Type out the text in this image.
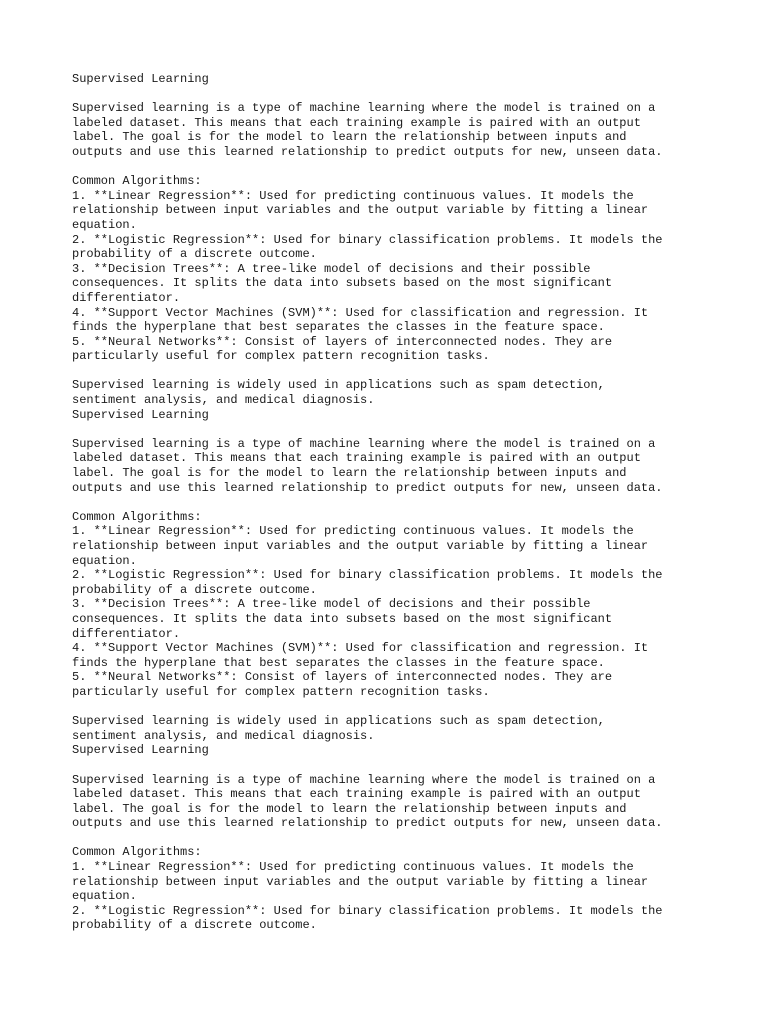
Supervised Learning

Supervised learning is a type of machine learning where the model is trained on a
labeled dataset. This means that each training example is paired with an output
label. The goal is for the model to learn the relationship between inputs and
outputs and use this learned relationship to predict outputs for new, unseen data.

Common Algorithms:
1. **Linear Regression**: Used for predicting continuous values. It models the
relationship between input variables and the output variable by fitting a linear
equation.
2. **Logistic Regression**: Used for binary classification problems. It models the
probability of a discrete outcome.
3. **Decision Trees**: A tree-like model of decisions and their possible
consequences. It splits the data into subsets based on the most significant
differentiator.
4. **Support Vector Machines (SVM)**: Used for classification and regression. It
finds the hyperplane that best separates the classes in the feature space.
5. **Neural Networks**: Consist of layers of interconnected nodes. They are
particularly useful for complex pattern recognition tasks.

Supervised learning is widely used in applications such as spam detection,
sentiment analysis, and medical diagnosis.
Supervised Learning

Supervised learning is a type of machine learning where the model is trained on a
labeled dataset. This means that each training example is paired with an output
label. The goal is for the model to learn the relationship between inputs and
outputs and use this learned relationship to predict outputs for new, unseen data.

Common Algorithms:
1. **Linear Regression**: Used for predicting continuous values. It models the
relationship between input variables and the output variable by fitting a linear
equation.
2. **Logistic Regression**: Used for binary classification problems. It models the
probability of a discrete outcome.
3. **Decision Trees**: A tree-like model of decisions and their possible
consequences. It splits the data into subsets based on the most significant
differentiator.
4. **Support Vector Machines (SVM)**: Used for classification and regression. It
finds the hyperplane that best separates the classes in the feature space.
5. **Neural Networks**: Consist of layers of interconnected nodes. They are
particularly useful for complex pattern recognition tasks.

Supervised learning is widely used in applications such as spam detection,
sentiment analysis, and medical diagnosis.
Supervised Learning

Supervised learning is a type of machine learning where the model is trained on a
labeled dataset. This means that each training example is paired with an output
label. The goal is for the model to learn the relationship between inputs and
outputs and use this learned relationship to predict outputs for new, unseen data.

Common Algorithms:
1. **Linear Regression**: Used for predicting continuous values. It models the
relationship between input variables and the output variable by fitting a linear
equation.
2. **Logistic Regression**: Used for binary classification problems. It models the
probability of a discrete outcome.
